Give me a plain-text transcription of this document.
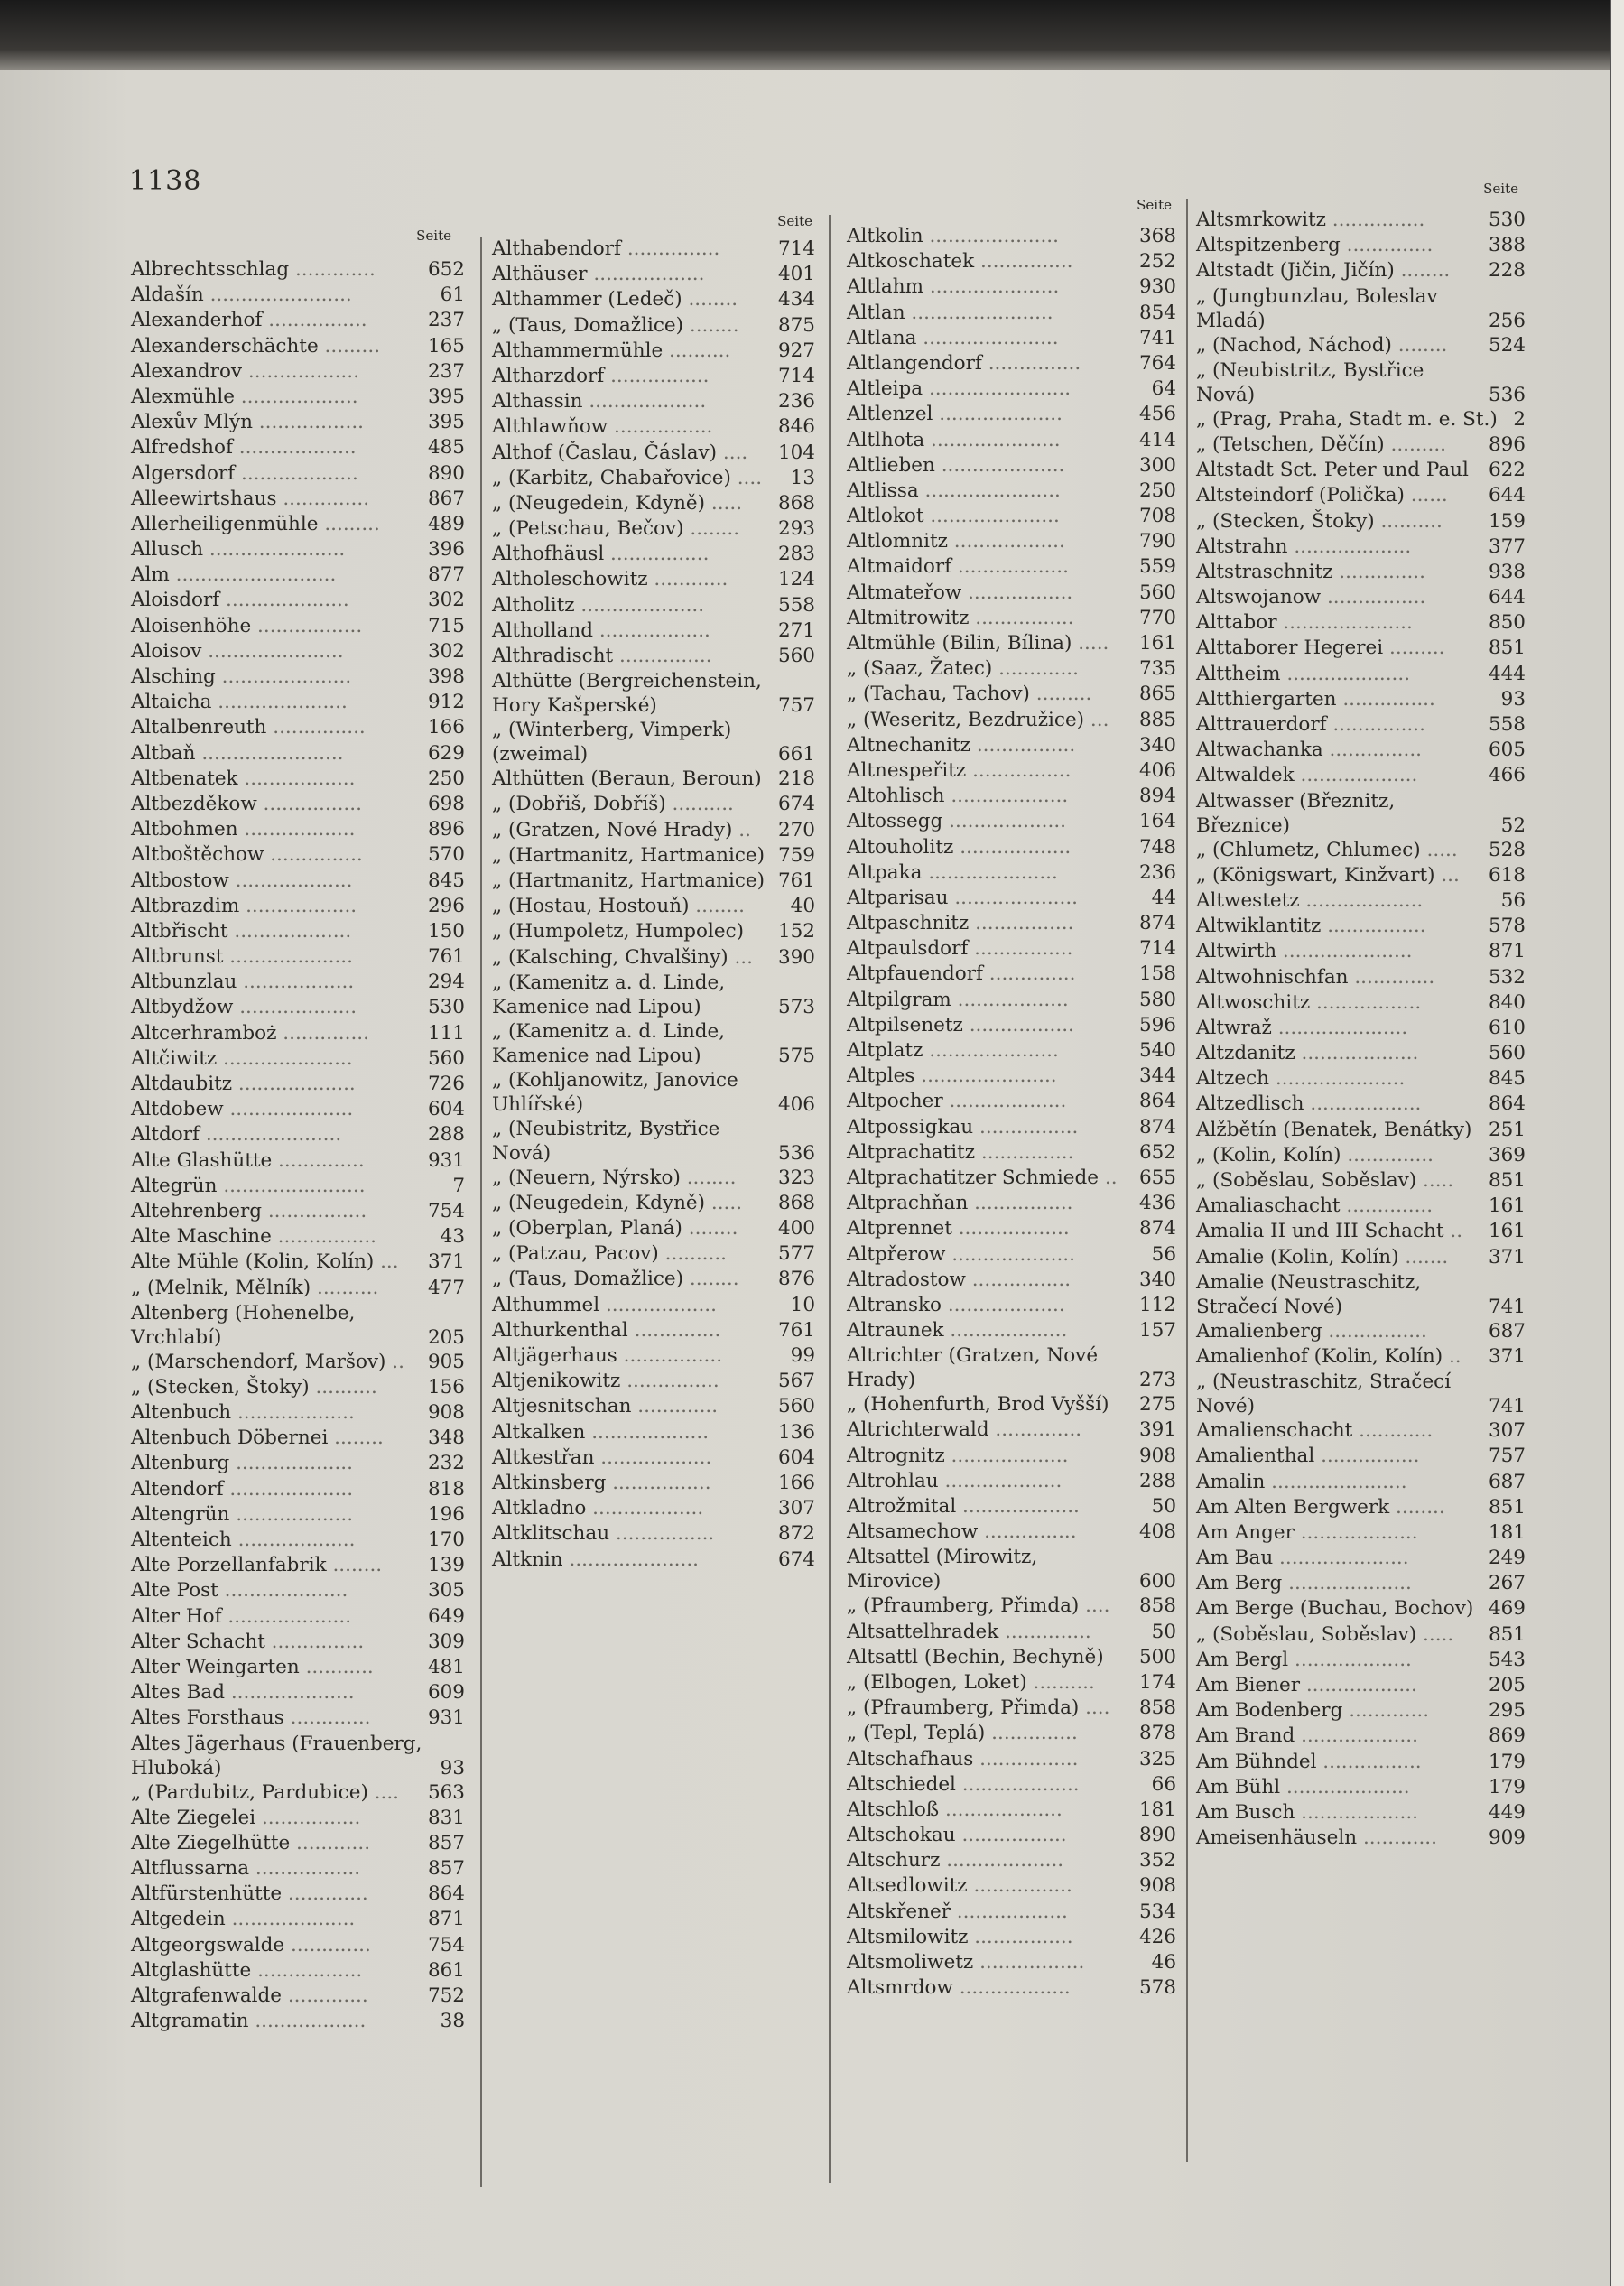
1138
Seite
Seite
Seite
Seite
Albrechtsschlag .............	652
Aldašín .......................	61
Alexanderhof ................	237
Alexanderschächte ......... 165
Alexandrov ..................	237
Alexmühle ...................	395
Alexův Mlýn .................	395
Alfredshof ...................	485
Algersdorf ...................	890
Alleewirtshaus ..............	867
Allerheiligenmühle ......... 489
Allusch ......................	396
Alm ..........................	877
Aloisdorf ....................	302
Aloisenhöhe .................	715
Aloisov ......................	302
Alsching .....................	398
Altaicha .....................	912
Altalbenreuth ...............	166
Altbaň .......................	629
Altbenatek ..................	250
Altbezděkow ................	698
Altbohmen ..................	896
Altboštěchow ...............	570
Altbostow ...................	845
Altbrazdim ..................	296
Altbřischt ...................	150
Altbrunst ....................	761
Altbunzlau ..................	294
Altbydžow ...................	530
Altcerhramboż ..............	111
Altčiwitz .....................	560
Altdaubitz ...................	726
Altdobew ....................	604
Altdorf ......................	288
Alte Glashütte ..............	931
Altegrün .......................	7
Altehrenberg ................	754
Alte Maschine ................	43
Alte Mühle (Kolin, Kolín) ... 371
„ (Melnik, Mělník) ..........	477
Altenberg (Hohenelbe, Vrchlabí)	205
„ (Marschendorf, Maršov) .. 905
„ (Stecken, Štoky) ..........	156
Altenbuch ...................	908
Altenbuch Döbernei ........ 348
Altenburg ...................	232
Altendorf ....................	818
Altengrün ...................	196
Altenteich ...................	170
Alte Porzellanfabrik ........ 139
Alte Post ....................	305
Alter Hof ....................	649
Alter Schacht ...............	309
Alter Weingarten ...........	481
Altes Bad ....................	609
Altes Forsthaus .............	931
Altes Jägerhaus (Frauenberg, Hluboká)	93
„ (Pardubitz, Pardubice) .... 563
Alte Ziegelei ................	831
Alte Ziegelhütte ............	857
Altflussarna .................	857
Altfürstenhütte .............	864
Altgedein ....................	871
Altgeorgswalde .............	754
Altglashütte .................	861
Altgrafenwalde .............	752
Altgramatin ..................	38
Althabendorf ...............	714
Althäuser ..................	401
Althammer (Ledeč) ........ 434
„ (Taus, Domažlice) ........ 875
Althammermühle .......... 927
Altharzdorf ................	714
Althassin ...................	236
Althlawňow ................	846
Althof (Časlau, Čáslav) .... 104
„ (Karbitz, Chabařovice) .... 13
„ (Neugedein, Kdyně) ..... 868
„ (Petschau, Bečov) ........ 293
Althofhäusl ................	283
Altholeschowitz ............	124
Altholitz ....................	558
Altholland ..................	271
Althradischt ...............	560
Althütte (Bergreichenstein, Hory Kašperské)	757
„ (Winterberg, Vimperk) (zweimal)	661
Althütten (Beraun, Beroun) 218
„ (Dobřiš, Dobříš) .......... 674
„ (Gratzen, Nové Hrady) .. 270
„ (Hartmanitz, Hartmanice) 759
„ (Hartmanitz, Hartmanice) 761
„ (Hostau, Hostouň) ........ 40
„ (Humpoletz, Humpolec) 152
„ (Kalsching, Chvalšiny) ... 390
„ (Kamenitz a. d. Linde, Kamenice nad Lipou)	573
„ (Kamenitz a. d. Linde, Kamenice nad Lipou)	575
„ (Kohljanowitz, Janovice Uhlířské)	406
„ (Neubistritz, Bystřice Nová)	536
„ (Neuern, Nýrsko) ........ 323
„ (Neugedein, Kdyně) ..... 868
„ (Oberplan, Planá) ........ 400
„ (Patzau, Pacov) ..........	577
„ (Taus, Domažlice) ........ 876
Althummel ..................	10
Althurkenthal ..............	761
Altjägerhaus ................	99
Altjenikowitz ...............	567
Altjesnitschan .............	560
Altkalken ...................	136
Altkestřan ..................	604
Altkinsberg ................	166
Altkladno ..................	307
Altklitschau ................	872
Altknin .....................	674
Altkolin .....................	368
Altkoschatek ...............	252
Altlahm .....................	930
Altlan .......................	854
Altlana ......................	741
Altlangendorf ...............	764
Altleipa .......................	64
Altlenzel ....................	456
Altlhota .....................	414
Altlieben ....................	300
Altlissa ......................	250
Altlokot .....................	708
Altlomnitz ..................	790
Altmaidorf ..................	559
Altmateřow .................	560
Altmitrowitz ................	770
Altmühle (Bilin, Bílina) ..... 161
„ (Saaz, Žatec) .............	735
„ (Tachau, Tachov) ......... 865
„ (Weseritz, Bezdružice) ... 885
Altnechanitz ................	340
Altnespeřitz ................	406
Altohlisch ...................	894
Altossegg ...................	164
Altouholitz ..................	748
Altpaka .....................	236
Altparisau ....................	44
Altpaschnitz ................	874
Altpaulsdorf ................	714
Altpfauendorf ..............	158
Altpilgram ..................	580
Altpilsenetz .................	596
Altplatz .....................	540
Altples ......................	344
Altpocher ...................	864
Altpossigkau ................	874
Altprachatitz ...............	652
Altprachatitzer Schmiede .. 655
Altprachňan ................	436
Altprennet ..................	874
Altpřerow ....................	56
Altradostow ................	340
Altransko ...................	112
Altraunek ...................	157
Altrichter (Gratzen, Nové Hrady)	273
„ (Hohenfurth, Brod Vyšší) 275
Altrichterwald ..............	391
Altrognitz ...................	908
Altrohlau ...................	288
Altrožmital ...................	50
Altsamechow ...............	408
Altsattel (Mirowitz, Mirovice)	600
„ (Pfraumberg, Přimda) .... 858
Altsattelhradek ..............	50
Altsattl (Bechin, Bechyně) 500
„ (Elbogen, Loket) .......... 174
„ (Pfraumberg, Přimda) .... 858
„ (Tepl, Teplá) ..............	878
Altschafhaus ................	325
Altschiedel ...................	66
Altschloß ...................	181
Altschokau .................	890
Altschurz ...................	352
Altsedlowitz ................	908
Altskřeneř ..................	534
Altsmilowitz ................	426
Altsmoliwetz .................	46
Altsmrdow ..................	578
Altsmrkowitz ...............	530
Altspitzenberg ..............	388
Altstadt (Jičin, Jičín) ........ 228
„ (Jungbunzlau, Boleslav Mladá)	256
„ (Nachod, Náchod) ........ 524
„ (Neubistritz, Bystřice Nová)	536
„ (Prag, Praha, Stadt m. e. St.) 2
„ (Tetschen, Děčín) ......... 896
Altstadt Sct. Peter und Paul 622
Altsteindorf (Polička) ...... 644
„ (Stecken, Štoky) .......... 159
Altstrahn ...................	377
Altstraschnitz ..............	938
Altswojanow ................	644
Alttabor .....................	850
Alttaborer Hegerei ......... 851
Alttheim ....................	444
Altthiergarten ...............	93
Alttrauerdorf ...............	558
Altwachanka ...............	605
Altwaldek ...................	466
Altwasser (Březnitz, Březnice)	52
„ (Chlumetz, Chlumec) ..... 528
„ (Königswart, Kinžvart) ... 618
Altwestetz ...................	56
Altwiklantitz ................	578
Altwirth .....................	871
Altwohnischfan .............	532
Altwoschitz .................	840
Altwraž .....................	610
Altzdanitz ...................	560
Altzech .....................	845
Altzedlisch ..................	864
Alžbětín (Benatek, Benátky) 251
„ (Kolin, Kolín) ..............	369
„ (Soběslau, Soběslav) ..... 851
Amaliaschacht ..............	161
Amalia II und III Schacht .. 161
Amalie (Kolin, Kolín) ....... 371
Amalie (Neustraschitz, Stračecí Nové)	741
Amalienberg ................	687
Amalienhof (Kolin, Kolín) .. 371
„ (Neustraschitz, Stračecí Nové)	741
Amalienschacht ............	307
Amalienthal ................	757
Amalin ......................	687
Am Alten Bergwerk ........ 851
Am Anger ...................	181
Am Bau .....................	249
Am Berg ....................	267
Am Berge (Buchau, Bochov) 469
„ (Soběslau, Soběslav) ..... 851
Am Bergl ...................	543
Am Biener ..................	205
Am Bodenberg .............	295
Am Brand ...................	869
Am Bühndel ................	179
Am Bühl ....................	179
Am Busch ...................	449
Ameisenhäuseln ............	909
